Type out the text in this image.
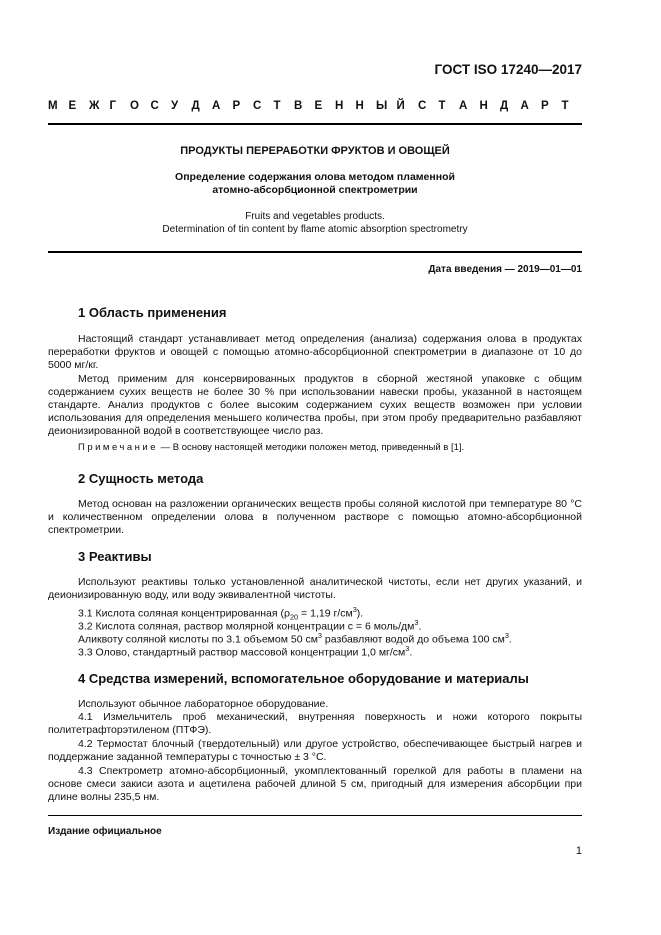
ГОСТ ISO 17240—2017
М Е	Ж Г	О	С	У	Д	А	Р	С	Т	В	Е	Н	Н	Ы Й	С	Т	А	Н	Д	А	Р	Т
ПРОДУКТЫ ПЕРЕРАБОТКИ ФРУКТОВ И ОВОЩЕЙ
Определение содержания олова методом пламенной
атомно-абсорбционной спектрометрии
Fruits and vegetables products.
Determination of tin content by flame atomic absorption spectrometry
Дата введения — 2019—01—01
1 Область применения
Настоящий стандарт устанавливает метод определения (анализа) содержания олова в продуктах переработки фруктов и овощей с помощью атомно-абсорбционной спектрометрии в диапазоне от 10 до 5000 мг/кг.
Метод применим для консервированных продуктов в сборной жестяной упаковке с общим содержанием сухих веществ не более 30 % при использовании навески пробы, указанной в настоящем стандарте. Анализ продуктов с более высоким содержанием сухих веществ возможен при условии использования для определения меньшего количества пробы, при этом пробу предварительно разбавляют деионизированной водой в соответствующее число раз.
Примечание — В основу настоящей методики положен метод, приведенный в [1].
2 Сущность метода
Метод основан на разложении органических веществ пробы соляной кислотой при температуре 80 °С и количественном определении олова в полученном растворе с помощью атомно-абсорбционной спектрометрии.
3 Реактивы
Используют реактивы только установленной аналитической чистоты, если нет других указаний, и деионизированную воду, или воду эквивалентной чистоты.
3.1 Кислота соляная концентрированная ($\rho_{20} = 1,19$ $г/см^3$).
3.2 Кислота соляная, раствор молярной концентрации c = 6 моль/$дм^3$.
Аликвоту соляной кислоты по 3.1 объемом 50 $см^3$ разбавляют водой до объема 100 $см^3$.
3.3 Олово, стандартный раствор массовой концентрации 1,0 $мг/см^3$.
4 Средства измерений, вспомогательное оборудование и материалы
Используют обычное лабораторное оборудование.
4.1 Измельчитель проб механический, внутренняя поверхность и ножи которого покрыты политетрафторэтиленом (ПТФЭ).
4.2 Термостат блочный (твердотельный) или другое устройство, обеспечивающее быстрый нагрев и поддержание заданной температуры с точностью ± 3 °С.
4.3 Спектрометр атомно-абсорбционный, укомплектованный горелкой для работы в пламени на основе смеси закиси азота и ацетилена рабочей длиной 5 см, пригодный для измерения абсорбции при длине волны 235,5 нм.
Издание официальное
1
